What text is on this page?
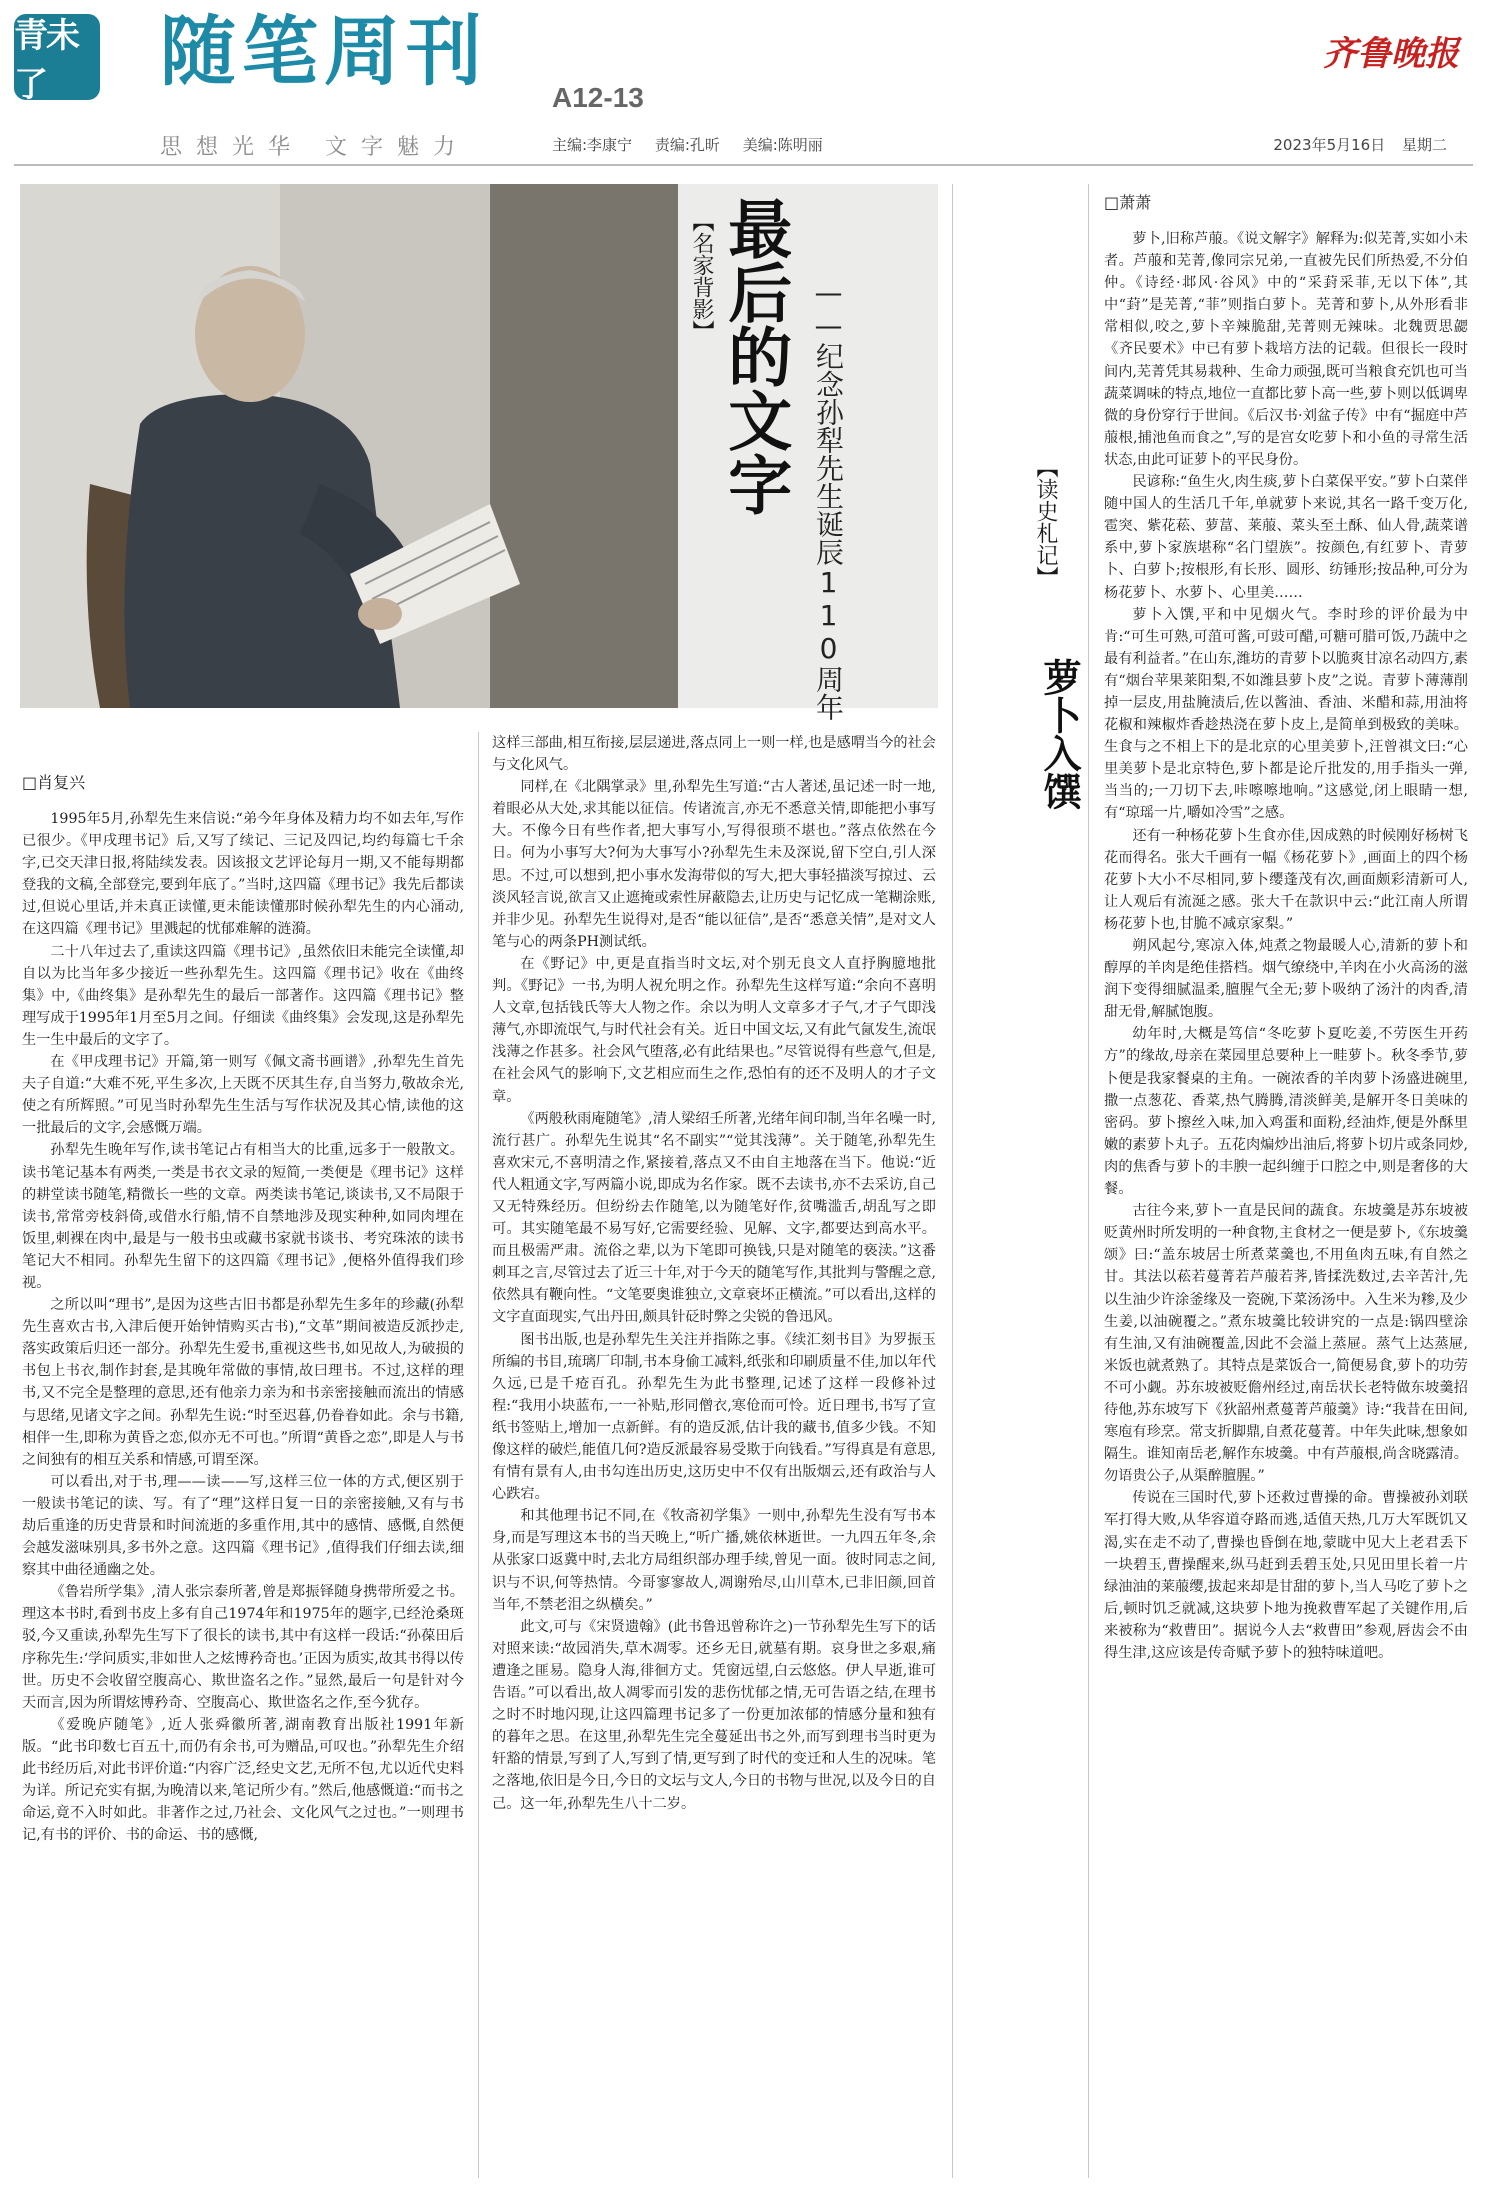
青未了	随笔周刊
A12-13
思想光华 文字魅力	主编:李康宁 责编:孔昕 美编:陈明丽
齐鲁晚报
2023年5月16日 星期二
【名家背影】 最后的文字 ——纪念孙犁先生诞辰110周年
□肖复兴

1995年5月,孙犁先生来信说:“弟今年身体及精力均不如去年,写作已很少。《甲戌理书记》后,又写了续记、三记及四记,均约每篇七千余字,已交天津日报,将陆续发表。因该报文艺评论每月一期,又不能每期都登我的文稿,全部登完,要到年底了。”当时,这四篇《理书记》我先后都读过,但说心里话,并未真正读懂,更未能读懂那时候孙犁先生的内心涌动,在这四篇《理书记》里溅起的忧郁难解的涟漪。

二十八年过去了,重读这四篇《理书记》,虽然依旧未能完全读懂,却自以为比当年多少接近一些孙犁先生。这四篇《理书记》收在《曲终集》中,《曲终集》是孙犁先生的最后一部著作。这四篇《理书记》整理写成于1995年1月至5月之间。仔细读《曲终集》会发现,这是孙犁先生一生中最后的文字了。

在《甲戌理书记》开篇,第一则写《佩文斋书画谱》,孙犁先生首先夫子自道:“大难不死,平生多次,上天既不厌其生存,自当努力,敬故余光,使之有所辉照。”可见当时孙犁先生生活与写作状况及其心情,读他的这一批最后的文字,会感慨万端。

孙犁先生晚年写作,读书笔记占有相当大的比重,远多于一般散文。读书笔记基本有两类,一类是书衣文录的短简,一类便是《理书记》这样的耕堂读书随笔,精微长一些的文章。两类读书笔记,谈读书,又不局限于读书,常常旁枝斜倚,或借水行船,情不自禁地涉及现实种种,如同肉埋在饭里,刺裸在肉中,最是与一般书虫或藏书家就书谈书、考究珠浓的读书笔记大不相同。孙犁先生留下的这四篇《理书记》,便格外值得我们珍视。

之所以叫“理书”,是因为这些古旧书都是孙犁先生多年的珍藏(孙犁先生喜欢古书,入津后便开始钟情购买古书),“文革”期间被造反派抄走,落实政策后归还一部分。孙犁先生爱书,重视这些书,如见故人,为破损的书包上书衣,制作封套,是其晚年常做的事情,故曰理书。不过,这样的理书,又不完全是整理的意思,还有他亲力亲为和书亲密接触而流出的情感与思绪,见诸文字之间。孙犁先生说:“时至迟暮,仍眷眷如此。余与书籍,相伴一生,即称为黄昏之恋,似亦无不可也。”所谓“黄昏之恋”,即是人与书之间独有的相互关系和情感,可谓至深。

可以看出,对于书,理——读——写,这样三位一体的方式,便区别于一般读书笔记的读、写。有了“理”这样日复一日的亲密接触,又有与书劫后重逢的历史背景和时间流逝的多重作用,其中的感情、感慨,自然便会越发滋味别具,多书外之意。这四篇《理书记》,值得我们仔细去读,细察其中曲径通幽之处。

《鲁岩所学集》,清人张宗泰所著,曾是郑振铎随身携带所爱之书。理这本书时,看到书皮上多有自己1974年和1975年的题字,已经沧桑斑驳,今又重读,孙犁先生写下了很长的读书,其中有这样一段话:“孙葆田后序称先生:‘学问质实,非如世人之炫博矜奇也。’正因为质实,故其书得以传世。历史不会收留空腹高心、欺世盗名之作。”显然,最后一句是针对今天而言,因为所谓炫博矜奇、空腹高心、欺世盗名之作,至今犹存。

《爱晚庐随笔》,近人张舜徽所著,湖南教育出版社1991年新版。“此书印数七百五十,而仍有余书,可为赠品,可叹也。”孙犁先生介绍此书经历后,对此书评价道:“内容广泛,经史文艺,无所不包,尤以近代史料为详。所记充实有据,为晚清以来,笔记所少有。”然后,他感慨道:“而书之命运,竟不入时如此。非著作之过,乃社会、文化风气之过也。”一则理书记,有书的评价、书的命运、书的感慨,

这样三部曲,相互衔接,层层递进,落点同上一则一样,也是感喟当今的社会与文化风气。

同样,在《北隅掌录》里,孙犁先生写道:“古人著述,虽记述一时一地,着眼必从大处,求其能以征信。传诸流言,亦无不悉意关情,即能把小事写大。不像今日有些作者,把大事写小,写得很琐不堪也。”落点依然在今日。何为小事写大?何为大事写小?孙犁先生未及深说,留下空白,引人深思。不过,可以想到,把小事水发海带似的写大,把大事轻描淡写掠过、云淡风轻言说,欲言又止遮掩或索性屏蔽隐去,让历史与记忆成一笔糊涂账,并非少见。孙犁先生说得对,是否“能以征信”,是否“悉意关情”,是对文人笔与心的两条PH测试纸。

在《野记》中,更是直指当时文坛,对个别无良文人直抒胸臆地批判。《野记》一书,为明人祝允明之作。孙犁先生这样写道:“余向不喜明人文章,包括钱氏等大人物之作。余以为明人文章多才子气,才子气即浅薄气,亦即流氓气,与时代社会有关。近日中国文坛,又有此气氤发生,流氓浅薄之作甚多。社会风气堕落,必有此结果也。”尽管说得有些意气,但是,在社会风气的影响下,文艺相应而生之作,恐怕有的还不及明人的才子文章。

《两般秋雨庵随笔》,清人梁绍壬所著,光绪年间印制,当年名噪一时,流行甚广。孙犁先生说其“名不副实”“觉其浅薄”。关于随笔,孙犁先生喜欢宋元,不喜明清之作,紧接着,落点又不由自主地落在当下。他说:“近代人粗通文字,写两篇小说,即成为名作家。既不去读书,亦不去采访,自己又无特殊经历。但纷纷去作随笔,以为随笔好作,贫嘴滥舌,胡乱写之即可。其实随笔最不易写好,它需要经验、见解、文字,都要达到高水平。而且极需严肃。流俗之辈,以为下笔即可换钱,只是对随笔的亵渎。”这番刺耳之言,尽管过去了近三十年,对于今天的随笔写作,其批判与警醒之意,依然具有鞭向性。“文笔要奥谁独立,文章衰坏正横流。”可以看出,这样的文字直面现实,气出丹田,颇具针砭时弊之尖锐的鲁迅风。

图书出版,也是孙犁先生关注并指陈之事。《续汇刻书目》为罗振玉所编的书目,琉璃厂印制,书本身偷工减料,纸张和印刷质量不佳,加以年代久远,已是千疮百孔。孙犁先生为此书整理,记述了这样一段修补过程:“我用小块蓝布,一一补贴,形同僧衣,寒伧而可怜。近日理书,书写了宣纸书签贴上,增加一点新鲜。有的造反派,估计我的藏书,值多少钱。不知像这样的破烂,能值几何?造反派最容易受欺于向钱看。”写得真是有意思,有情有景有人,由书勾连出历史,这历史中不仅有出版烟云,还有政治与人心跌宕。

和其他理书记不同,在《牧斋初学集》一则中,孙犁先生没有写书本身,而是写理这本书的当天晚上,“听广播,姚依林逝世。一九四五年冬,余从张家口返冀中时,去北方局组织部办理手续,曾见一面。彼时同志之间,识与不识,何等热情。今哥寥寥故人,凋谢殆尽,山川草木,已非旧颜,回首当年,不禁老泪之纵横矣。”

此文,可与《宋贤遗翰》(此书鲁迅曾称许之)一节孙犁先生写下的话对照来读:“故园消失,草木凋零。还乡无日,就墓有期。哀身世之多艰,痛遭逢之匪易。隐身人海,徘徊方丈。凭窗远望,白云悠悠。伊人早逝,谁可告语。”可以看出,故人凋零而引发的悲伤忧郁之情,无可告语之结,在理书之时不时地闪现,让这四篇理书记多了一份更加浓郁的情感分量和独有的暮年之思。在这里,孙犁先生完全蔓延出书之外,而写到理书当时更为轩豁的情景,写到了人,写到了情,更写到了时代的变迁和人生的况味。笔之落地,依旧是今日,今日的文坛与文人,今日的书物与世况,以及今日的自己。这一年,孙犁先生八十二岁。

【读史札记】
萝卜入馔
□萧萧

萝卜,旧称芦菔。《说文解字》解释为:似芜菁,实如小未者。芦菔和芜菁,像同宗兄弟,一直被先民们所热爱,不分伯仲。《诗经·邶风·谷风》中的“采葑采菲,无以下体”,其中“葑”是芜菁,“菲”则指白萝卜。芜菁和萝卜,从外形看非常相似,咬之,萝卜辛辣脆甜,芜菁则无辣味。北魏贾思勰《齐民要术》中已有萝卜栽培方法的记载。但很长一段时间内,芜菁凭其易栽种、生命力顽强,既可当粮食充饥也可当蔬菜调味的特点,地位一直都比萝卜高一些,萝卜则以低调卑微的身份穿行于世间。《后汉书·刘盆子传》中有“掘庭中芦菔根,捕池鱼而食之”,写的是宫女吃萝卜和小鱼的寻常生活状态,由此可证萝卜的平民身份。

民谚称:“鱼生火,肉生痰,萝卜白菜保平安。”萝卜白菜伴随中国人的生活几千年,单就萝卜来说,其名一路千变万化,雹突、紫花菘、萝葍、莱菔、菜头至土酥、仙人骨,蔬菜谱系中,萝卜家族堪称“名门望族”。按颜色,有红萝卜、青萝卜、白萝卜;按根形,有长形、圆形、纺锤形;按品种,可分为杨花萝卜、水萝卜、心里美……

萝卜入馔,平和中见烟火气。李时珍的评价最为中肯:“可生可熟,可菹可酱,可豉可醋,可糖可腊可饭,乃蔬中之最有利益者。”在山东,潍坊的青萝卜以脆爽甘凉名动四方,素有“烟台苹果莱阳梨,不如潍县萝卜皮”之说。青萝卜薄薄削掉一层皮,用盐腌渍后,佐以酱油、香油、米醋和蒜,用油将花椒和辣椒炸香趁热浇在萝卜皮上,是简单到极致的美味。生食与之不相上下的是北京的心里美萝卜,汪曾祺文曰:“心里美萝卜是北京特色,萝卜都是论斤批发的,用手指头一弹,当当的;一刀切下去,咔嚓嚓地响。”这感觉,闭上眼睛一想,有“琼瑶一片,嚼如冷雪”之感。

还有一种杨花萝卜生食亦佳,因成熟的时候刚好杨树飞花而得名。张大千画有一幅《杨花萝卜》,画面上的四个杨花萝卜大小不尽相同,萝卜缨蓬茂有次,画面颇彩清新可人,让人观后有流涎之感。张大千在款识中云:“此江南人所谓杨花萝卜也,甘脆不减京家梨。”

朔风起兮,寒凉入体,炖煮之物最暖人心,清新的萝卜和醇厚的羊肉是绝佳搭档。烟气缭绕中,羊肉在小火高汤的滋润下变得细腻温柔,膻腥气全无;萝卜吸纳了汤汁的肉香,清甜无骨,解腻饱腹。

幼年时,大概是笃信“冬吃萝卜夏吃姜,不劳医生开药方”的缘故,母亲在菜园里总要种上一畦萝卜。秋冬季节,萝卜便是我家餐桌的主角。一碗浓香的羊肉萝卜汤盛进碗里,撒一点葱花、香菜,热气腾腾,清淡鲜美,是解开冬日美味的密码。萝卜擦丝入味,加入鸡蛋和面粉,经油炸,便是外酥里嫩的素萝卜丸子。五花肉煸炒出油后,将萝卜切片或条同炒,肉的焦香与萝卜的丰腴一起纠缠于口腔之中,则是奢侈的大餐。

古往今来,萝卜一直是民间的蔬食。东坡羹是苏东坡被贬黄州时所发明的一种食物,主食材之一便是萝卜,《东坡羹颂》曰:“盖东坡居士所煮菜羹也,不用鱼肉五味,有自然之甘。其法以菘若蔓菁若芦菔若荠,皆揉洗数过,去辛苦汁,先以生油少许涂釜缘及一瓷碗,下菜汤汤中。入生米为糁,及少生姜,以油碗覆之。”煮东坡羹比较讲究的一点是:锅四壁涂有生油,又有油碗覆盖,因此不会溢上蒸屉。蒸气上达蒸屉,米饭也就煮熟了。其特点是菜饭合一,简便易食,萝卜的功劳不可小觑。苏东坡被贬儋州经过,南岳状长老特做东坡羹招待他,苏东坡写下《狄韶州煮蔓菁芦菔羹》诗:“我昔在田间,寒庖有珍烹。常支折脚鼎,自煮花蔓菁。中年失此味,想象如隔生。谁知南岳老,解作东坡羹。中有芦菔根,尚含晓露清。勿语贵公子,从渠醉膻腥。”

传说在三国时代,萝卜还救过曹操的命。曹操被孙刘联军打得大败,从华容道夺路而逃,适值天热,几万大军既饥又渴,实在走不动了,曹操也昏倒在地,蒙眬中见大上老君丢下一块碧玉,曹操醒来,纵马赶到丢碧玉处,只见田里长着一片绿油油的莱菔缨,拔起来却是甘甜的萝卜,当人马吃了萝卜之后,顿时饥乏就减,这块萝卜地为挽救曹军起了关键作用,后来被称为“救曹田”。据说今人去“救曹田”参观,唇齿会不由得生津,这应该是传奇赋予萝卜的独特味道吧。
